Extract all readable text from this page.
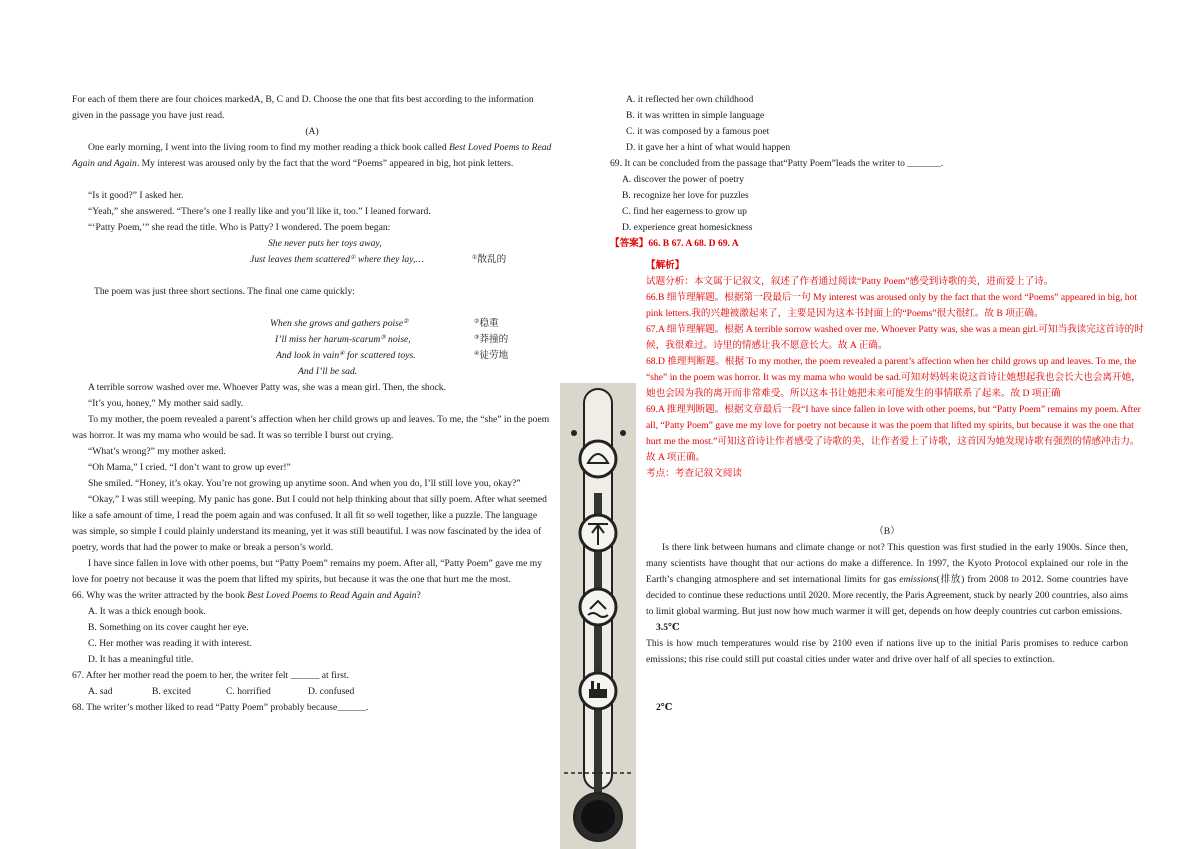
For each of them there are four choices markedA, B, C and D. Choose the one that fits best according to the information given in the passage you have just read.

(A)

One early morning, I went into the living room to find my mother reading a thick book called Best Loved Poems to Read Again and Again. My interest was aroused only by the fact that the word “Poems” appeared in big, hot pink letters.

“Is it good?” I asked her.

“Yeah,” she answered. “There’s one I really like and you’ll like it, too.” I leaned forward.

“‘Patty Poem,’” she read the title. Who is Patty? I wondered. The poem began:

She never puts her toys away,

Just leaves them scattered① where they lay,…	①散乱的

The poem was just three short sections. The final one came quickly:

When she grows and gathers poise②	②稳重

I’ll miss her harum-scarum③ noise,	③莽撞的

And look in vain④ for scattered toys.	④徒劳地

And I’ll be sad.

A terrible sorrow washed over me. Whoever Patty was, she was a mean girl. Then, the shock.

“It’s you, honey,” My mother said sadly.

To my mother, the poem revealed a parent’s affection when her child grows up and leaves. To me, the “she” in the poem was horror. It was my mama who would be sad. It was so terrible I burst out crying.

“What’s wrong?” my mother asked.

“Oh Mama,” I cried. “I don’t want to grow up ever!”

She smiled. “Honey, it’s okay. You’re not growing up anytime soon. And when you do, I’ll still love you, okay?”

“Okay,” I was still weeping. My panic has gone. But I could not help thinking about that silly poem. After what seemed like a safe amount of time, I read the poem again and was confused. It all fit so well together, like a puzzle. The language was simple, so simple I could plainly understand its meaning, yet it was still beautiful. I was now fascinated by the idea of poetry, words that had the power to make or break a person’s world.

I have since fallen in love with other poems, but “Patty Poem” remains my poem. After all, “Patty Poem” gave me my love for poetry not because it was the poem that lifted my spirits, but because it was the one that hurt me the most.

66. Why was the writer attracted by the book Best Loved Poems to Read Again and Again?

A. It was a thick enough book.

B. Something on its cover caught her eye.

C. Her mother was reading it with interest.

D. It has a meaningful title.

67. After her mother read the poem to her, the writer felt ______ at first.

A. sad	B. excited	C. horrified	D. confused

68. The writer’s mother liked to read “Patty Poem” probably because______.

A. it reflected her own childhood

B. it was written in simple language

C. it was composed by a famous poet

D. it gave her a hint of what would happen

69. It can be concluded from the passage that“Patty Poem”leads the writer to _______.

A. discover the power of poetry

B. recognize her love for puzzles

C. find her eagerness to grow up

D. experience great homesickness

【答案】66. B 67. A 68. D 69. A

【解析】

试题分析：本文属于记叙文，叙述了作者通过阅读“Patty Poem”感受到诗歌的美，进而爱上了诗。

66.B 细节理解题。根据第一段最后一句 My interest was aroused only by the fact that the word “Poems” appeared in big, hot pink letters.我的兴趣被激起来了，主要是因为这本书封面上的“Poems”很大很红。故 B 项正确。

67.A 细节理解题。根据 A terrible sorrow washed over me. Whoever Patty was, she was a mean girl.可知当我读完这首诗的时候，我很难过。诗里的情感让我不愿意长大。故 A 正确。

68.D 推理判断题。根据 To my mother, the poem revealed a parent’s affection when her child grows up and leaves. To me, the “she” in the poem was horror. It was my mama who would be sad.可知对妈妈来说这首诗让她想起我也会长大也会离开她，她也会因为我的离开而非常难受。所以这本书让她把未来可能发生的事情联系了起来。故 D 项正确

69.A 推理判断题。根据文章最后一段“I have since fallen in love with other poems, but “Patty Poem” remains my poem. After all, “Patty Poem” gave me my love for poetry not because it was the poem that lifted my spirits, but because it was the one that hurt me the most.”可知这首诗让作者感受了诗歌的美，让作者爱上了诗歌，这首因为她发现诗歌有强烈的情感冲击力。故 A 项正确。

考点：考查记叙文阅读

（B）

Is there link between humans and climate change or not? This question was first studied in the early 1900s. Since then, many scientists have thought that our actions do make a difference. In 1997, the Kyoto Protocol explained our role in the Earth’s changing atmosphere and set international limits for gas emissions(排放) from 2008 to 2012. Some countries have decided to continue these reductions until 2020. More recently, the Paris Agreement, stuck by nearly 200 countries, also aims to limit global warming. But just now how much warmer it will get, depends on how deeply countries cut carbon emissions.

3.5℃

This is how much temperatures would rise by 2100 even if nations live up to the initial Paris promises to reduce carbon emissions; this rise could still put coastal cities under water and drive over half of all species to extinction.

2℃
